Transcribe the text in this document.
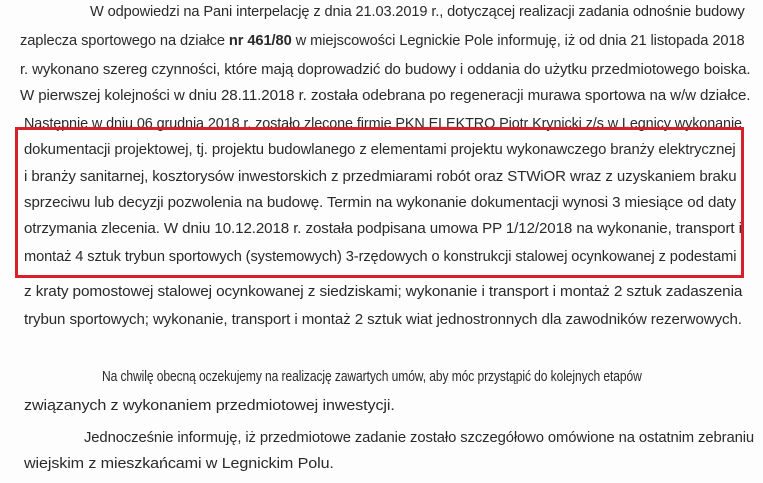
W odpowiedzi na Pani interpelację z dnia 21.03.2019 r., dotyczącej realizacji zadania odnośnie budowy
zaplecza sportowego na działce nr 461/80 w miejscowości Legnickie Pole informuję, iż od dnia 21 listopada 2018
r. wykonano szereg czynności, które mają doprowadzić do budowy i oddania do użytku przedmiotowego boiska.
W pierwszej kolejności w dniu 28.11.2018 r. została odebrana po regeneracji murawa sportowa na w/w działce.
Następnie w dniu 06 grudnia 2018 r. zostało zlecone firmie PKN ELEKTRO Piotr Krynicki z/s w Legnicy wykonanie
dokumentacji projektowej, tj. projektu budowlanego z elementami projektu wykonawczego branży elektrycznej
i branży sanitarnej, kosztorysów inwestorskich z przedmiarami robót oraz STWiOR wraz z uzyskaniem braku
sprzeciwu lub decyzji pozwolenia na budowę. Termin na wykonanie dokumentacji wynosi 3 miesiące od daty
otrzymania zlecenia. W dniu 10.12.2018 r. została podpisana umowa PP 1/12/2018 na wykonanie, transport i
montaż 4 sztuk trybun sportowych (systemowych) 3-rzędowych o konstrukcji stalowej ocynkowanej z podestami
z kraty pomostowej stalowej ocynkowanej z siedziskami; wykonanie i transport i montaż 2 sztuk zadaszenia
trybun sportowych; wykonanie, transport i montaż 2 sztuk wiat jednostronnych dla zawodników rezerwowych.
Na chwilę obecną oczekujemy na realizację zawartych umów, aby móc przystąpić do kolejnych etapów
związanych z wykonaniem przedmiotowej inwestycji.
Jednocześnie informuję, iż przedmiotowe zadanie zostało szczegółowo omówione na ostatnim zebraniu
wiejskim z mieszkańcami w Legnickim Polu.
